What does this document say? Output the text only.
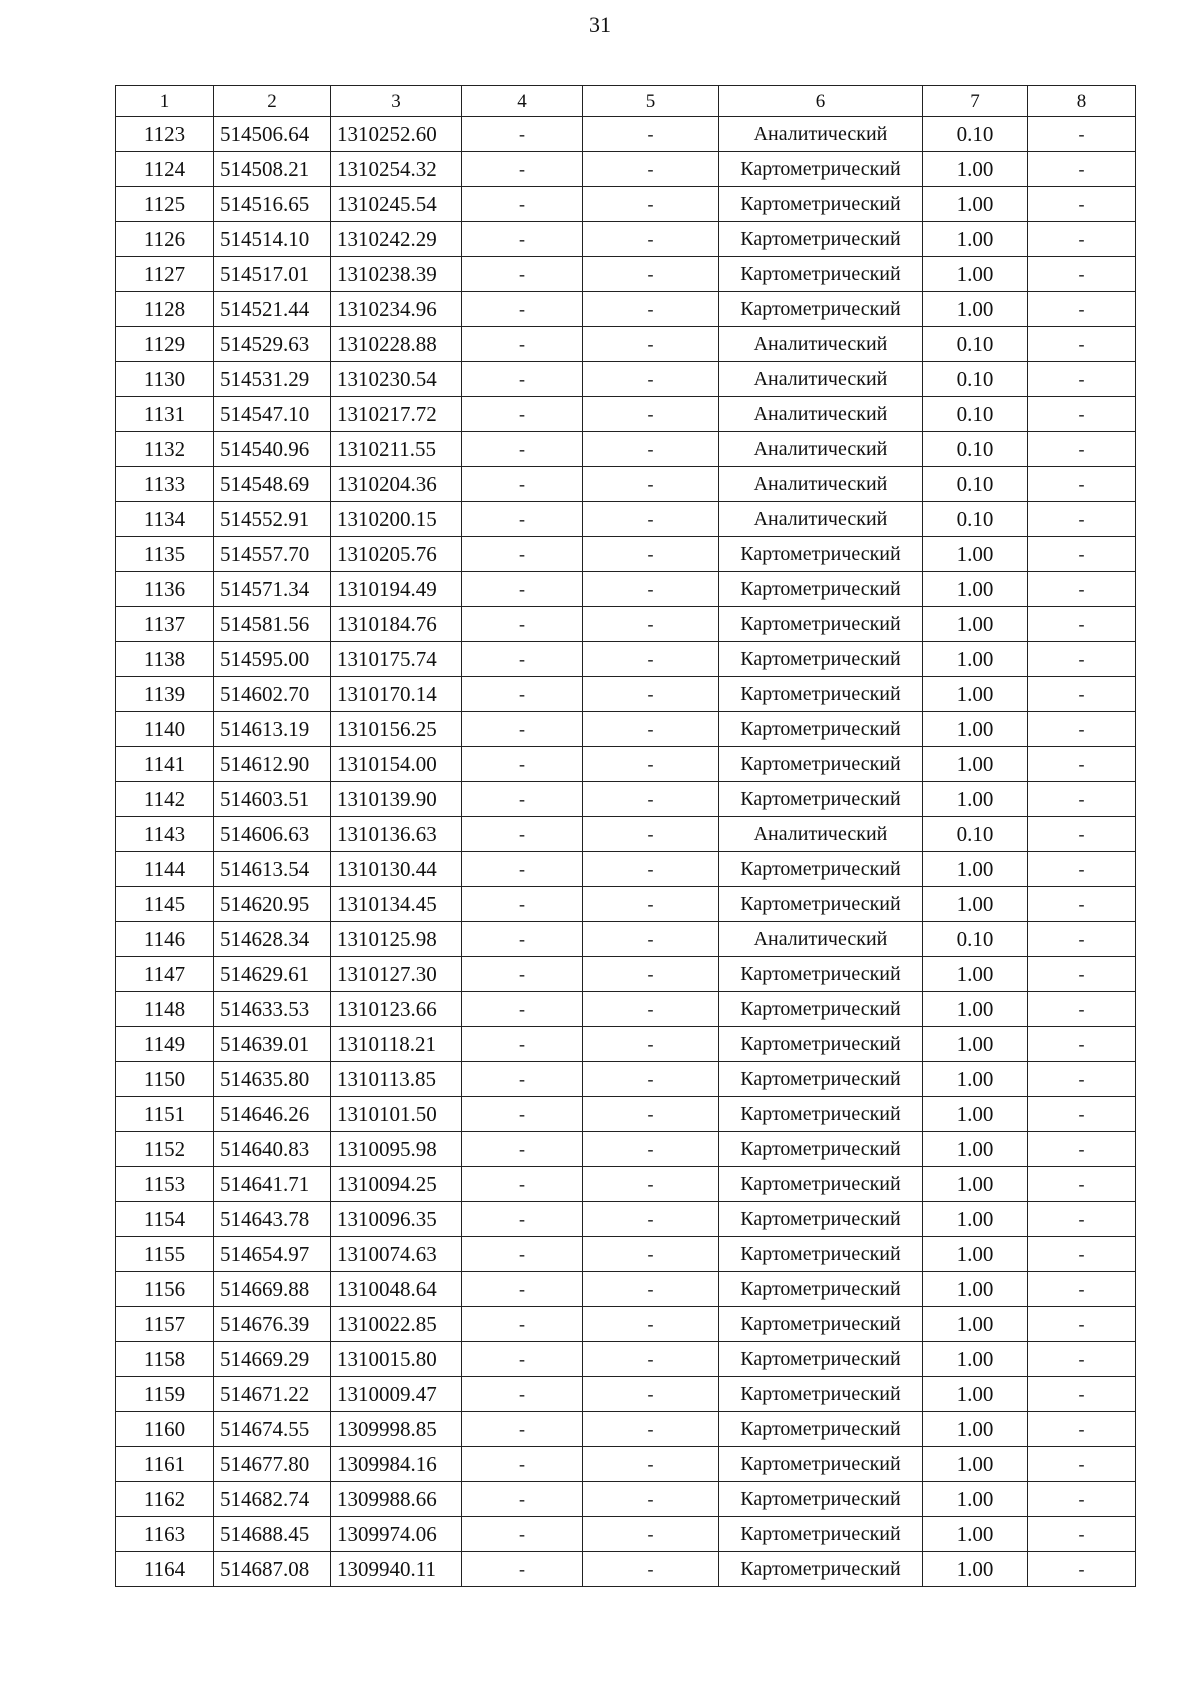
31
1	2	3	4	5	6	7	8
1123	514506.64	1310252.60	-	-	Аналитический	0.10	-
1124	514508.21	1310254.32	-	-	Картометрический	1.00	-
1125	514516.65	1310245.54	-	-	Картометрический	1.00	-
1126	514514.10	1310242.29	-	-	Картометрический	1.00	-
1127	514517.01	1310238.39	-	-	Картометрический	1.00	-
1128	514521.44	1310234.96	-	-	Картометрический	1.00	-
1129	514529.63	1310228.88	-	-	Аналитический	0.10	-
1130	514531.29	1310230.54	-	-	Аналитический	0.10	-
1131	514547.10	1310217.72	-	-	Аналитический	0.10	-
1132	514540.96	1310211.55	-	-	Аналитический	0.10	-
1133	514548.69	1310204.36	-	-	Аналитический	0.10	-
1134	514552.91	1310200.15	-	-	Аналитический	0.10	-
1135	514557.70	1310205.76	-	-	Картометрический	1.00	-
1136	514571.34	1310194.49	-	-	Картометрический	1.00	-
1137	514581.56	1310184.76	-	-	Картометрический	1.00	-
1138	514595.00	1310175.74	-	-	Картометрический	1.00	-
1139	514602.70	1310170.14	-	-	Картометрический	1.00	-
1140	514613.19	1310156.25	-	-	Картометрический	1.00	-
1141	514612.90	1310154.00	-	-	Картометрический	1.00	-
1142	514603.51	1310139.90	-	-	Картометрический	1.00	-
1143	514606.63	1310136.63	-	-	Аналитический	0.10	-
1144	514613.54	1310130.44	-	-	Картометрический	1.00	-
1145	514620.95	1310134.45	-	-	Картометрический	1.00	-
1146	514628.34	1310125.98	-	-	Аналитический	0.10	-
1147	514629.61	1310127.30	-	-	Картометрический	1.00	-
1148	514633.53	1310123.66	-	-	Картометрический	1.00	-
1149	514639.01	1310118.21	-	-	Картометрический	1.00	-
1150	514635.80	1310113.85	-	-	Картометрический	1.00	-
1151	514646.26	1310101.50	-	-	Картометрический	1.00	-
1152	514640.83	1310095.98	-	-	Картометрический	1.00	-
1153	514641.71	1310094.25	-	-	Картометрический	1.00	-
1154	514643.78	1310096.35	-	-	Картометрический	1.00	-
1155	514654.97	1310074.63	-	-	Картометрический	1.00	-
1156	514669.88	1310048.64	-	-	Картометрический	1.00	-
1157	514676.39	1310022.85	-	-	Картометрический	1.00	-
1158	514669.29	1310015.80	-	-	Картометрический	1.00	-
1159	514671.22	1310009.47	-	-	Картометрический	1.00	-
1160	514674.55	1309998.85	-	-	Картометрический	1.00	-
1161	514677.80	1309984.16	-	-	Картометрический	1.00	-
1162	514682.74	1309988.66	-	-	Картометрический	1.00	-
1163	514688.45	1309974.06	-	-	Картометрический	1.00	-
1164	514687.08	1309940.11	-	-	Картометрический	1.00	-
